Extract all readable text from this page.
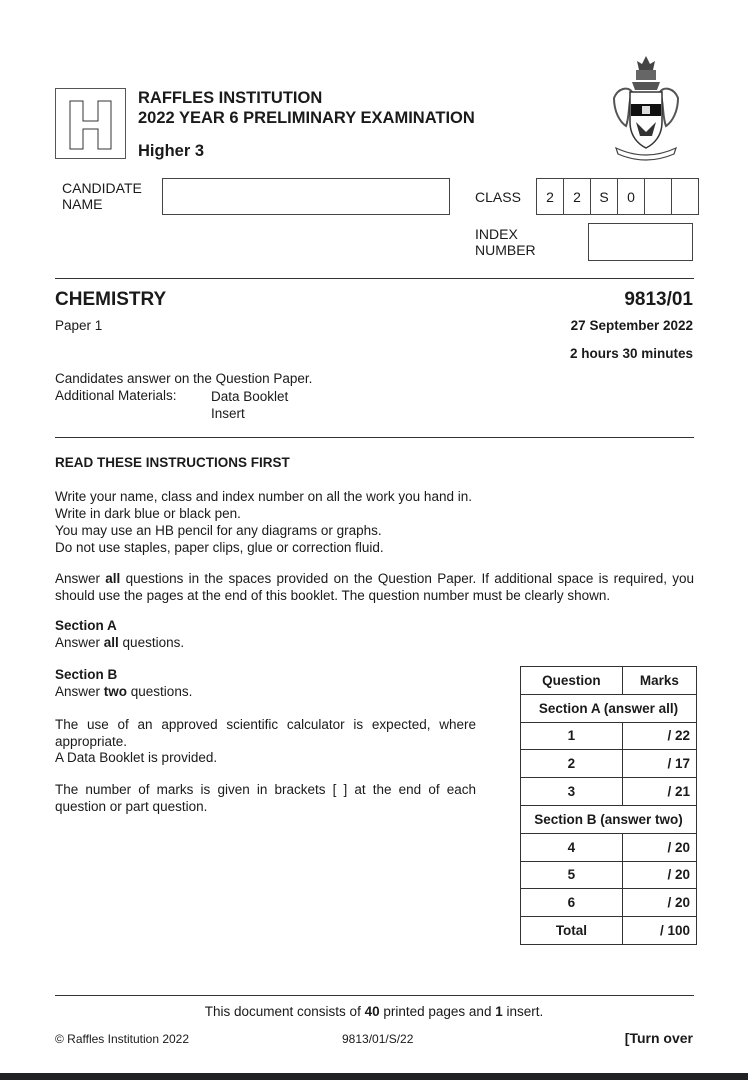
RAFFLES INSTITUTION
2022 YEAR 6 PRELIMINARY EXAMINATION
Higher 3
CANDIDATE
NAME	CLASS	2	2	S	0
INDEX
NUMBER
CHEMISTRY	9813/01
Paper 1	27 September 2022
2 hours 30 minutes
Candidates answer on the Question Paper.
Additional Materials:	Data Booklet
Insert
READ THESE INSTRUCTIONS FIRST
Write your name, class and index number on all the work you hand in.
Write in dark blue or black pen.
You may use an HB pencil for any diagrams or graphs.
Do not use staples, paper clips, glue or correction fluid.
Answer all questions in the spaces provided on the Question Paper. If additional space is required, you should use the pages at the end of this booklet. The question number must be clearly shown.
Section A
Answer all questions.
Section B
Answer two questions.
The use of an approved scientific calculator is expected, where appropriate.
A Data Booklet is provided.
The number of marks is given in brackets [ ] at the end of each question or part question.
Question	Marks
Section A (answer all)	
1	/ 22
2	/ 17
3	/ 21
Section B (answer two)	
4	/ 20
5	/ 20
6	/ 20
Total	/ 100
This document consists of 40 printed pages and 1 insert.
© Raffles Institution 2022	9813/01/S/22	[Turn over
